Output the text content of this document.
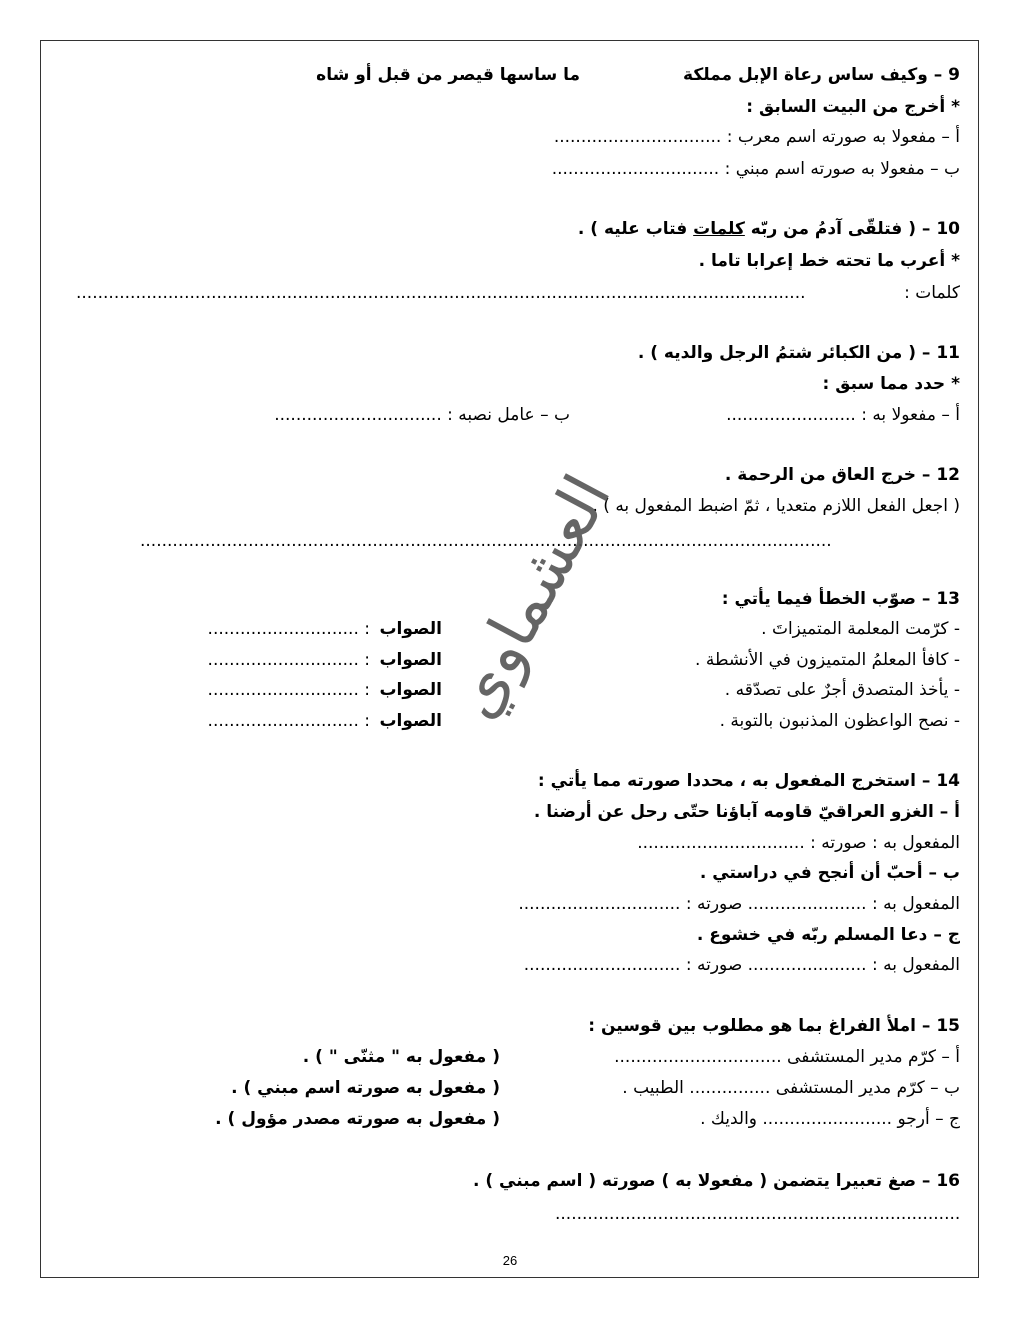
9 – وكيف ساس رعاة الإبل مملكة
ما ساسها قيصر من قبل أو شاه
* أخرج من البيت السابق :
أ – مفعولا به صورته اسم معرب : ...............................
ب – مفعولا به صورته اسم مبني : ...............................
10 – ( فتلقّى آدمُ من ربّه كلمات فتاب عليه ) .
* أعرب ما تحته خط إعرابا تاما .
كلمات :
.......................................................................................................................................
11 – ( من الكبائر شتمُ الرجل والديه ) .
* حدد مما سبق :
أ – مفعولا به : ........................
ب – عامل نصبه : ...............................
12 – خرج العاق من الرحمة .
( اجعل الفعل اللازم متعديا ، ثمّ اضبط المفعول به ) .
................................................................................................................................
13 – صوّب الخطأ فيما يأتي :
- كرّمت المعلمة المتميزاتَ .
الصواب
: ............................
- كافأ المعلمُ المتميزون في الأنشطة .
الصواب
: ............................
- يأخذ المتصدق أجرٌ على تصدّقه .
الصواب
: ............................
- نصح الواعظون المذنبون بالتوبة .
الصواب
: ............................ العشماوي
14 – استخرج المفعول به ، محددا صورته مما يأتي :
أ – الغزو العراقيّ قاومه آباؤنا حتّى رحل عن أرضنا .
المفعول به : صورته : ...............................
ب – أحبّ أن أنجح في دراستي .
المفعول به : ...................... صورته : ..............................
ج – دعا المسلم ربّه في خشوع .
المفعول به : ...................... صورته : .............................
15 – املأ الفراغ بما هو مطلوب بين قوسين :
أ – كرّم مدير المستشفى ...............................
( مفعول به " مثنّى " ) .
ب – كرّم مدير المستشفى ............... الطبيب .
( مفعول به صورته اسم مبني ) .
ج – أرجو ........................ والديك .
( مفعول به صورته مصدر مؤول ) .
16 – صغ تعبيرا يتضمن ( مفعولا به ) صورته ( اسم مبني ) .
...........................................................................
26
